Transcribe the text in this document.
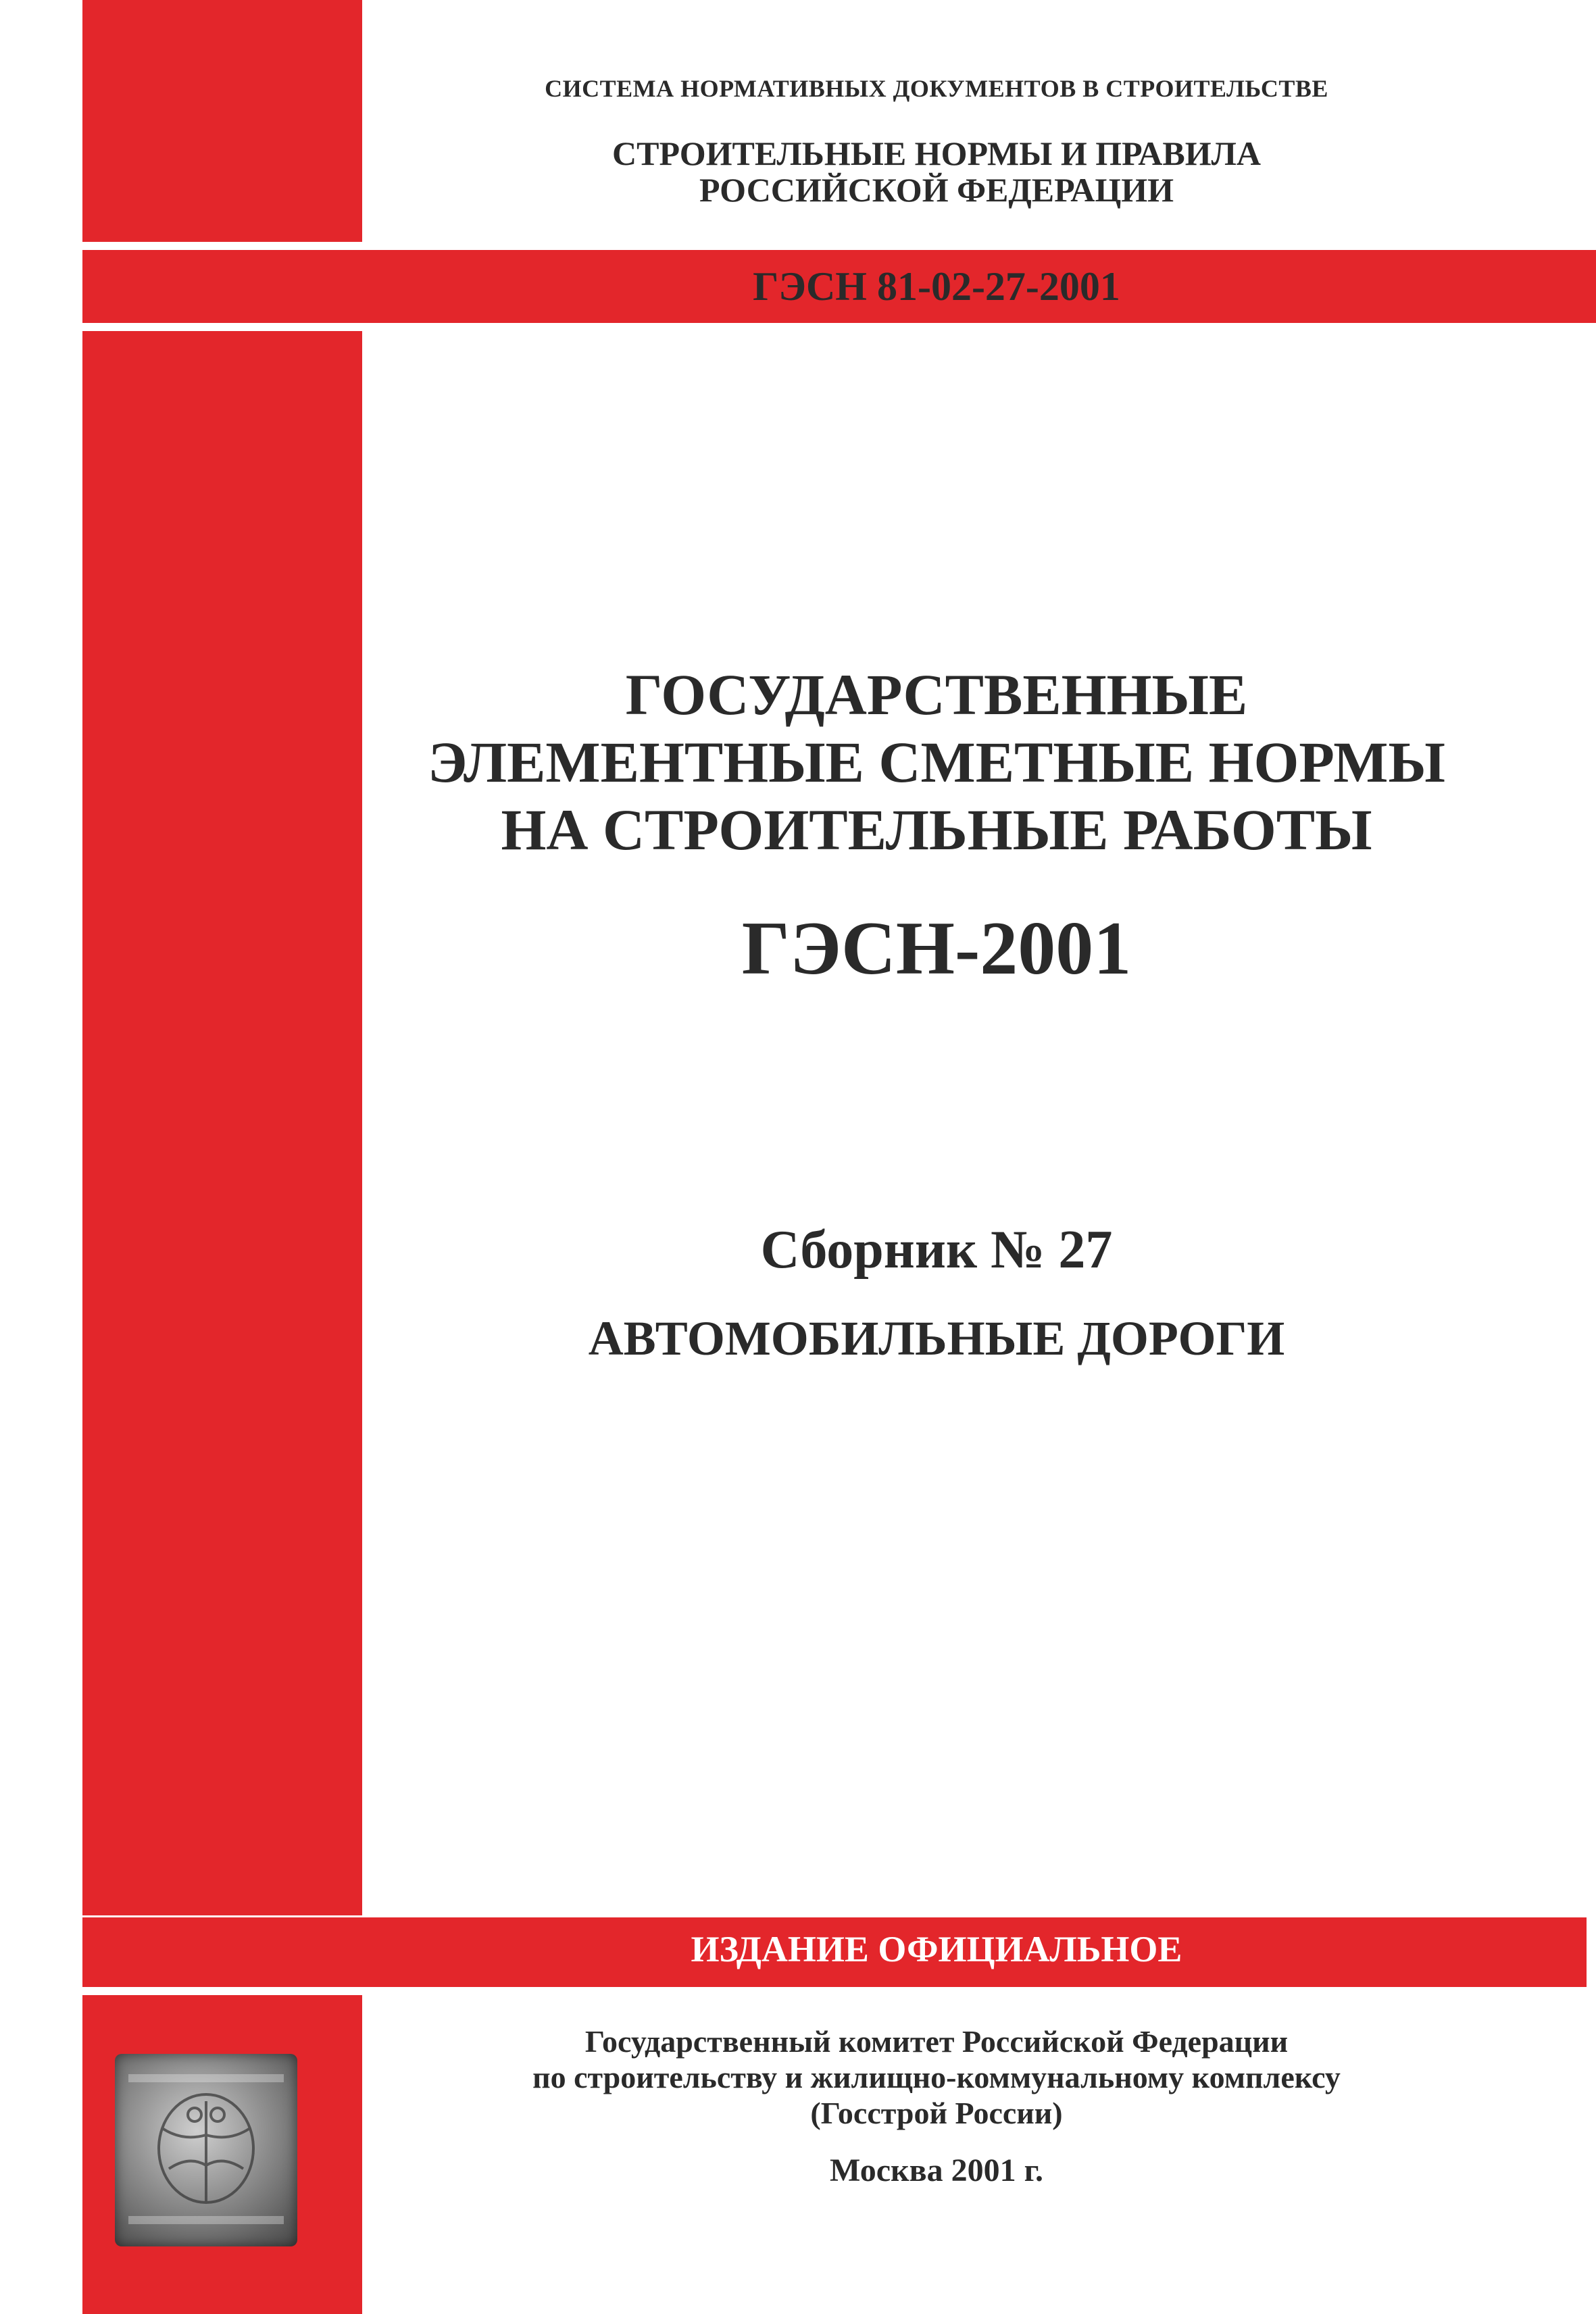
СИСТЕМА НОРМАТИВНЫХ ДОКУМЕНТОВ В СТРОИТЕЛЬСТВЕ
СТРОИТЕЛЬНЫЕ НОРМЫ И ПРАВИЛА
РОССИЙСКОЙ ФЕДЕРАЦИИ
ГЭСН 81-02-27-2001
ГОСУДАРСТВЕННЫЕ
ЭЛЕМЕНТНЫЕ СМЕТНЫЕ НОРМЫ
НА СТРОИТЕЛЬНЫЕ РАБОТЫ
ГЭСН-2001
Сборник № 27
АВТОМОБИЛЬНЫЕ ДОРОГИ
ИЗДАНИЕ ОФИЦИАЛЬНОЕ
Государственный комитет Российской Федерации
по строительству и жилищно-коммунальному комплексу
(Госстрой России)
Москва 2001 г.
